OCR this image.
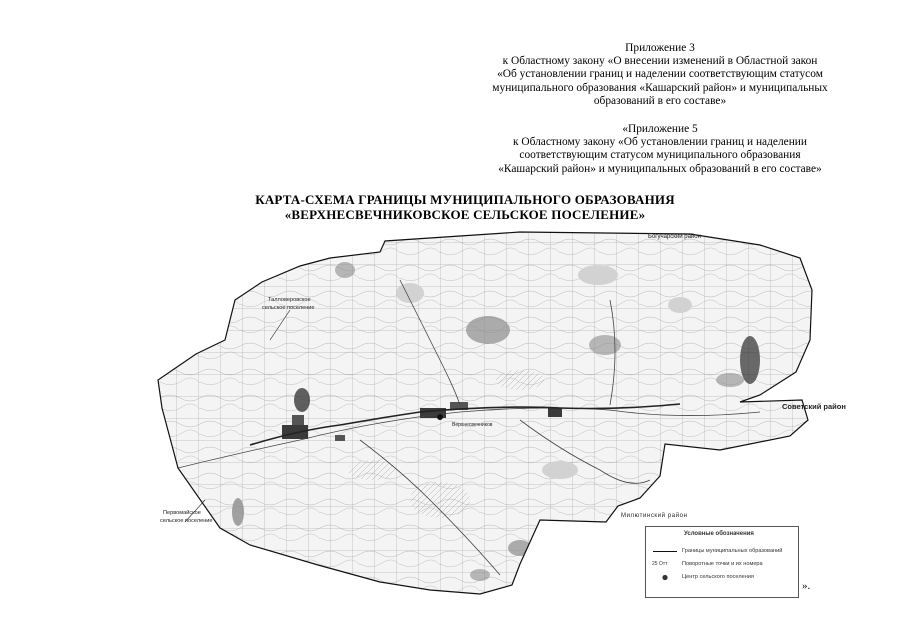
Приложение 3

к Областному закону «О внесении изменений в Областной закон

«Об установлении границ и наделении соответствующим статусом

муниципального образования «Кашарский район» и муниципальных

образований в его составе»

«Приложение 5

к Областному закону «Об установлении границ и наделении

соответствующим статусом муниципального образования

«Кашарский район» и муниципальных образований в его составе»

КАРТА-СХЕМА ГРАНИЦЫ МУНИЦИПАЛЬНОГО ОБРАЗОВАНИЯ
«ВЕРХНЕСВЕЧНИКОВСКОЕ СЕЛЬСКОЕ ПОСЕЛЕНИЕ»
Богучарский район
Талловеровское
сельское поселение
Советский район
Первомайское
сельское поселение
Милютинский район
Верхнесвечников
Условные обозначения
Границы муниципальных образований
25 Отт	Поворотные точки и их номера
Центр сельского поселения
».
